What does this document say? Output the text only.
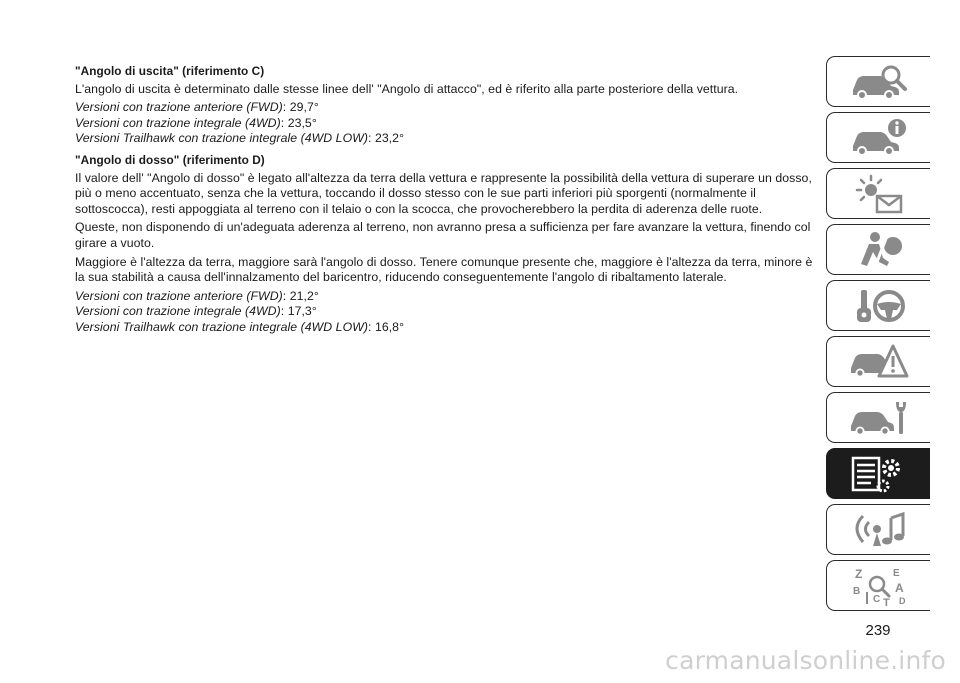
"Angolo di uscita" (riferimento C)

L'angolo di uscita è determinato dalle stesse linee dell' "Angolo di attacco", ed è riferito alla parte posteriore della vettura.

Versioni con trazione anteriore (FWD): 29,7°

Versioni con trazione integrale (4WD): 23,5°

Versioni Trailhawk con trazione integrale (4WD LOW): 23,2°

"Angolo di dosso" (riferimento D)

Il valore dell' "Angolo di dosso" è legato all'altezza da terra della vettura e rappresente la possibilità della vettura di superare un dosso, più o meno accentuato, senza che la vettura, toccando il dosso stesso con le sue parti inferiori più sporgenti (normalmente il sottoscocca), resti appoggiata al terreno con il telaio o con la scocca, che provocherebbero la perdita di aderenza delle ruote.

Queste, non disponendo di un'adeguata aderenza al terreno, non avranno presa a sufficienza per fare avanzare la vettura, finendo col girare a vuoto.

Maggiore è l'altezza da terra, maggiore sarà l'angolo di dosso. Tenere comunque presente che, maggiore è l'altezza da terra, minore è la sua stabilità a causa dell'innalzamento del baricentro, riducendo conseguentemente l'angolo di ribaltamento laterale.

Versioni con trazione anteriore (FWD): 21,2°

Versioni con trazione integrale (4WD): 17,3°

Versioni Trailhawk con trazione integrale (4WD LOW): 16,8°

Z	E
B	A
C T D
239
carmanualsonline.info
